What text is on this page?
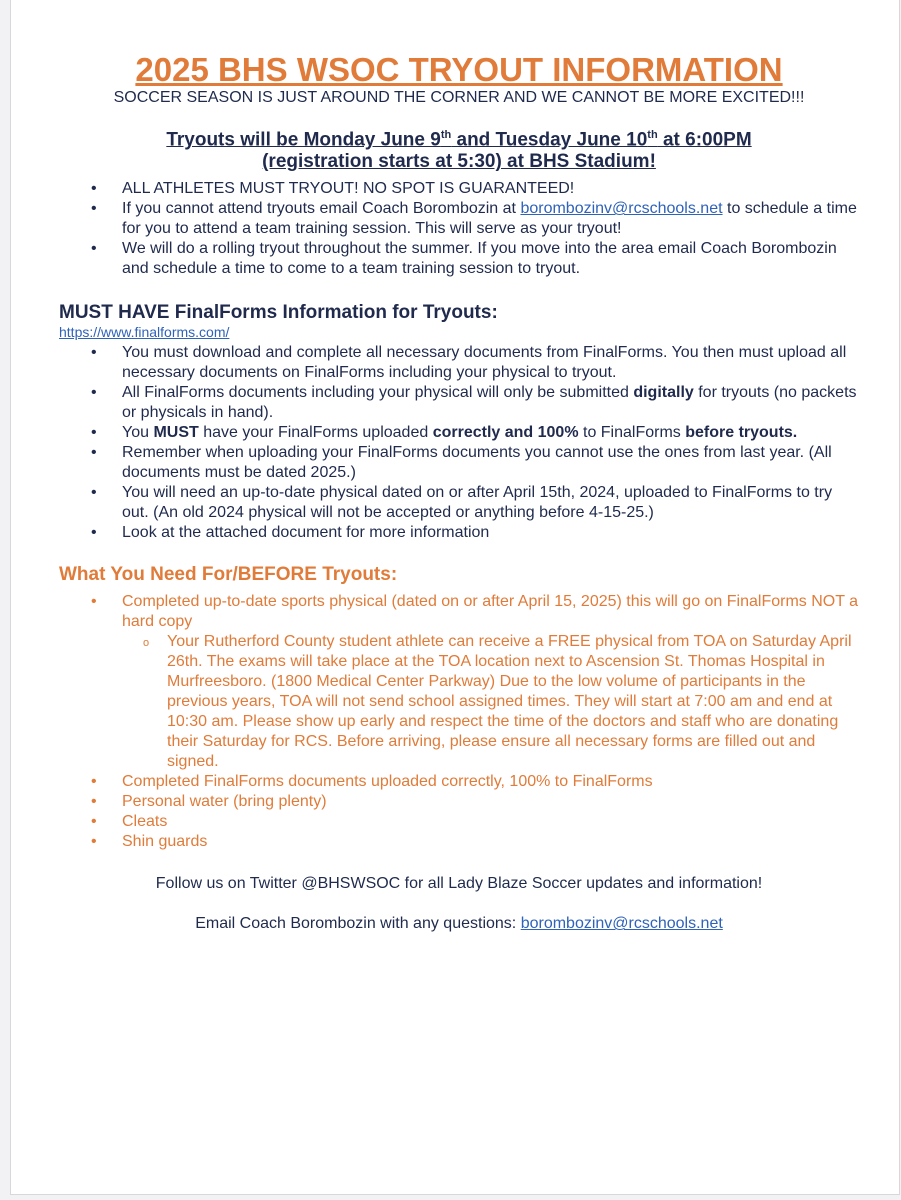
2025 BHS WSOC TRYOUT INFORMATION

SOCCER SEASON IS JUST AROUND THE CORNER AND WE CANNOT BE MORE EXCITED!!!

Tryouts will be Monday June 9th and Tuesday June 10th at 6:00PM

(registration starts at 5:30) at BHS Stadium!

• ALL ATHLETES MUST TRYOUT! NO SPOT IS GUARANTEED!
• If you cannot attend tryouts email Coach Borombozin at borombozinv@rcschools.net to schedule a time for you to attend a team training session. This will serve as your tryout!
• We will do a rolling tryout throughout the summer. If you move into the area email Coach Borombozin and schedule a time to come to a team training session to tryout.

MUST HAVE FinalForms Information for Tryouts:

https://www.finalforms.com/

• You must download and complete all necessary documents from FinalForms. You then must upload all necessary documents on FinalForms including your physical to tryout.
• All FinalForms documents including your physical will only be submitted digitally for tryouts (no packets or physicals in hand).
• You MUST have your FinalForms uploaded correctly and 100% to FinalForms before tryouts.
• Remember when uploading your FinalForms documents you cannot use the ones from last year. (All documents must be dated 2025.)
• You will need an up-to-date physical dated on or after April 15th, 2024, uploaded to FinalForms to try out. (An old 2024 physical will not be accepted or anything before 4-15-25.)
• Look at the attached document for more information

What You Need For/BEFORE Tryouts:

• Completed up-to-date sports physical (dated on or after April 15, 2025) this will go on FinalForms NOT a hard copy
o Your Rutherford County student athlete can receive a FREE physical from TOA on Saturday April 26th. The exams will take place at the TOA location next to Ascension St. Thomas Hospital in Murfreesboro. (1800 Medical Center Parkway) Due to the low volume of participants in the previous years, TOA will not send school assigned times. They will start at 7:00 am and end at 10:30 am. Please show up early and respect the time of the doctors and staff who are donating their Saturday for RCS. Before arriving, please ensure all necessary forms are filled out and signed.
• Completed FinalForms documents uploaded correctly, 100% to FinalForms
• Personal water (bring plenty)
• Cleats
• Shin guards

Follow us on Twitter @BHSWSOC for all Lady Blaze Soccer updates and information!

Email Coach Borombozin with any questions: borombozinv@rcschools.net
